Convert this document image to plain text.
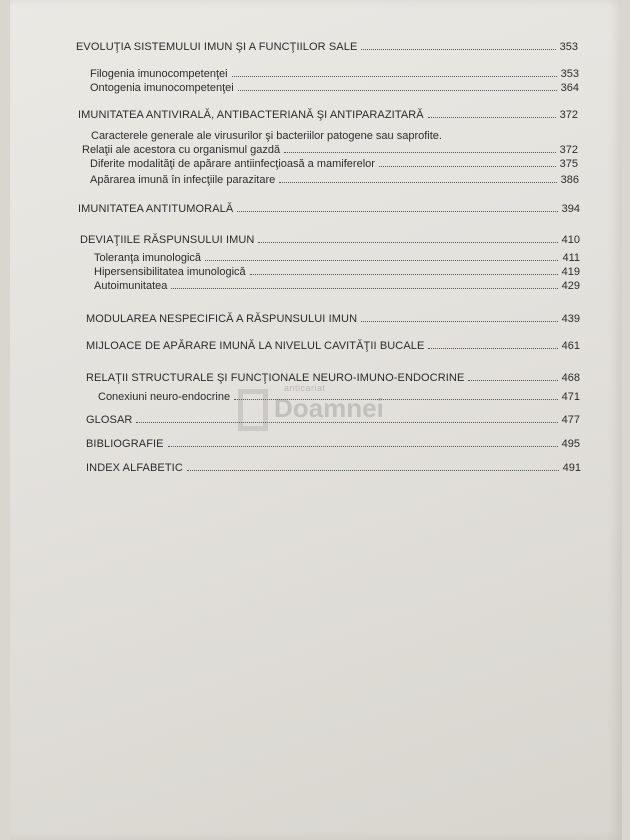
EVOLUŢIA SISTEMULUI IMUN ŞI A FUNCŢIILOR SALE	353
Filogenia imunocompetenţei	353
Ontogenia imunocompetenţei	364
IMUNITATEA ANTIVIRALĂ, ANTIBACTERIANĂ ŞI ANTIPARAZITARĂ	372
Caracterele generale ale virusurilor şi bacteriilor patogene sau saprofite.
Relaţii ale acestora cu organismul gazdă	372
Diferite modalităţi de apărare antiinfecţioasă a mamiferelor	375
Apărarea imună în infecţiile parazitare	386
IMUNITATEA ANTITUMORALĂ	394
DEVIAŢIILE RĂSPUNSULUI IMUN	410
Toleranţa imunologică	411
Hipersensibilitatea imunologică	419
Autoimunitatea	429
MODULAREA NESPECIFICĂ A RĂSPUNSULUI IMUN	439
MIJLOACE DE APĂRARE IMUNĂ LA NIVELUL CAVITĂŢII BUCALE	461
RELAŢII STRUCTURALE ŞI FUNCŢIONALE NEURO-IMUNO-ENDOCRINE	468
Conexiuni neuro-endocrine	471
GLOSAR	477
BIBLIOGRAFIE	495
INDEX ALFABETIC	491
anticariat
Doamnei
